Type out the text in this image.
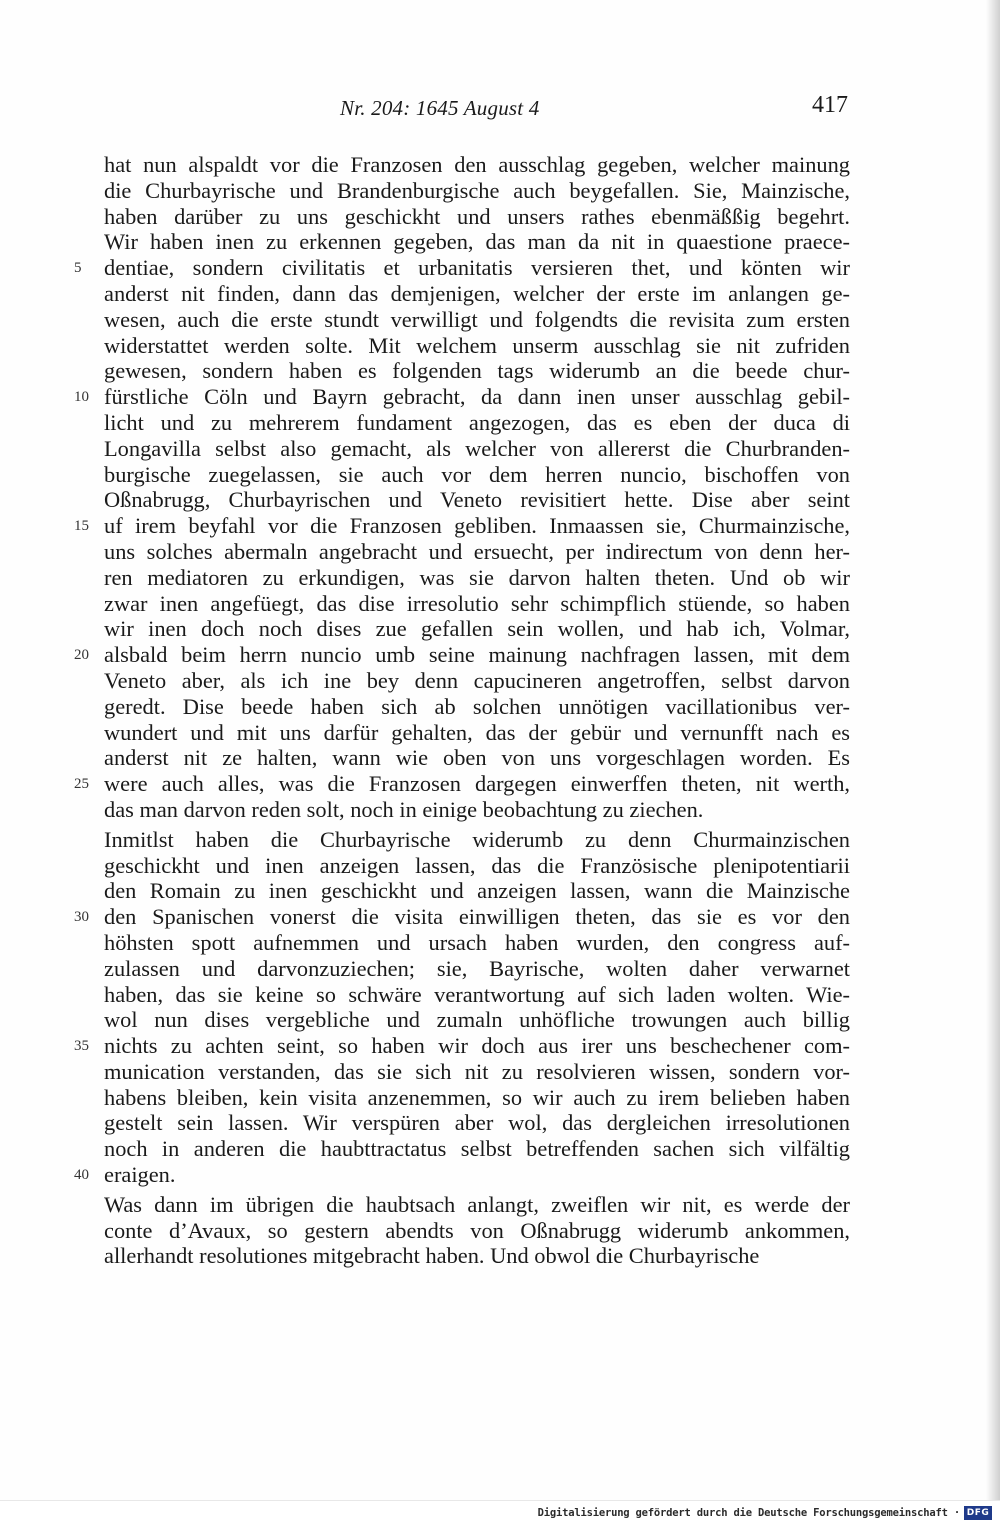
Nr. 204: 1645 August 4	417
hat nun alspaldt vor die Franzosen den ausschlag gegeben, welcher mainung
die Churbayrische und Brandenburgische auch beygefallen. Sie, Mainzische,
haben darüber zu uns geschickht und unsers rathes ebenmäßßig begehrt.
Wir haben inen zu erkennen gegeben, das man da nit in quaestione praece-
5	dentiae, sondern civilitatis et urbanitatis versieren thet, und könten wir
anderst nit finden, dann das demjenigen, welcher der erste im anlangen ge-
wesen, auch die erste stundt verwilligt und folgendts die revisita zum ersten
widerstattet werden solte. Mit welchem unserm ausschlag sie nit zufriden
gewesen, sondern haben es folgenden tags widerumb an die beede chur-
10 fürstliche Cöln und Bayrn gebracht, da dann inen unser ausschlag gebil-
licht und zu mehrerem fundament angezogen, das es eben der duca di
Longavilla selbst also gemacht, als welcher von allererst die Churbranden-
burgische zuegelassen, sie auch vor dem herren nuncio, bischoffen von
Oßnabrugg, Churbayrischen und Veneto revisitiert hette. Dise aber seint
15 uf irem beyfahl vor die Franzosen gebliben. Inmaassen sie, Churmainzische,
uns solches abermaln angebracht und ersuecht, per indirectum von denn her-
ren mediatoren zu erkundigen, was sie darvon halten theten. Und ob wir
zwar inen angefüegt, das dise irresolutio sehr schimpflich stüende, so haben
wir inen doch noch dises zue gefallen sein wollen, und hab ich, Volmar,
20 alsbald beim herrn nuncio umb seine mainung nachfragen lassen, mit dem
Veneto aber, als ich ine bey denn capucineren angetroffen, selbst darvon
geredt. Dise beede haben sich ab solchen unnötigen vacillationibus ver-
wundert und mit uns darfür gehalten, das der gebür und vernunfft nach es
anderst nit ze halten, wann wie oben von uns vorgeschlagen worden. Es
25 were auch alles, was die Franzosen dargegen einwerffen theten, nit werth,
das man darvon reden solt, noch in einige beobachtung zu ziechen.
Inmitlst haben die Churbayrische widerumb zu denn Churmainzischen
geschickht und inen anzeigen lassen, das die Französische plenipotentiarii
den Romain zu inen geschickht und anzeigen lassen, wann die Mainzische
30 den Spanischen vonerst die visita einwilligen theten, das sie es vor den
höhsten spott aufnemmen und ursach haben wurden, den congress auf-
zulassen und darvonzuziechen; sie, Bayrische, wolten daher verwarnet
haben, das sie keine so schwäre verantwortung auf sich laden wolten. Wie-
wol nun dises vergebliche und zumaln unhöfliche trowungen auch billig
35 nichts zu achten seint, so haben wir doch aus irer uns beschechener com-
munication verstanden, das sie sich nit zu resolvieren wissen, sondern vor-
habens bleiben, kein visita anzenemmen, so wir auch zu irem belieben haben
gestelt sein lassen. Wir verspüren aber wol, das dergleichen irresolutionen
noch in anderen die haubttractatus selbst betreffenden sachen sich vilfältig
40 eraigen.
Was dann im übrigen die haubtsach anlangt, zweiflen wir nit, es werde der
conte d’Avaux, so gestern abendts von Oßnabrugg widerumb ankommen,
allerhandt resolutiones mitgebracht haben. Und obwol die Churbayrische
Digitalisierung gefördert durch die Deutsche Forschungsgemeinschaft · DFG
